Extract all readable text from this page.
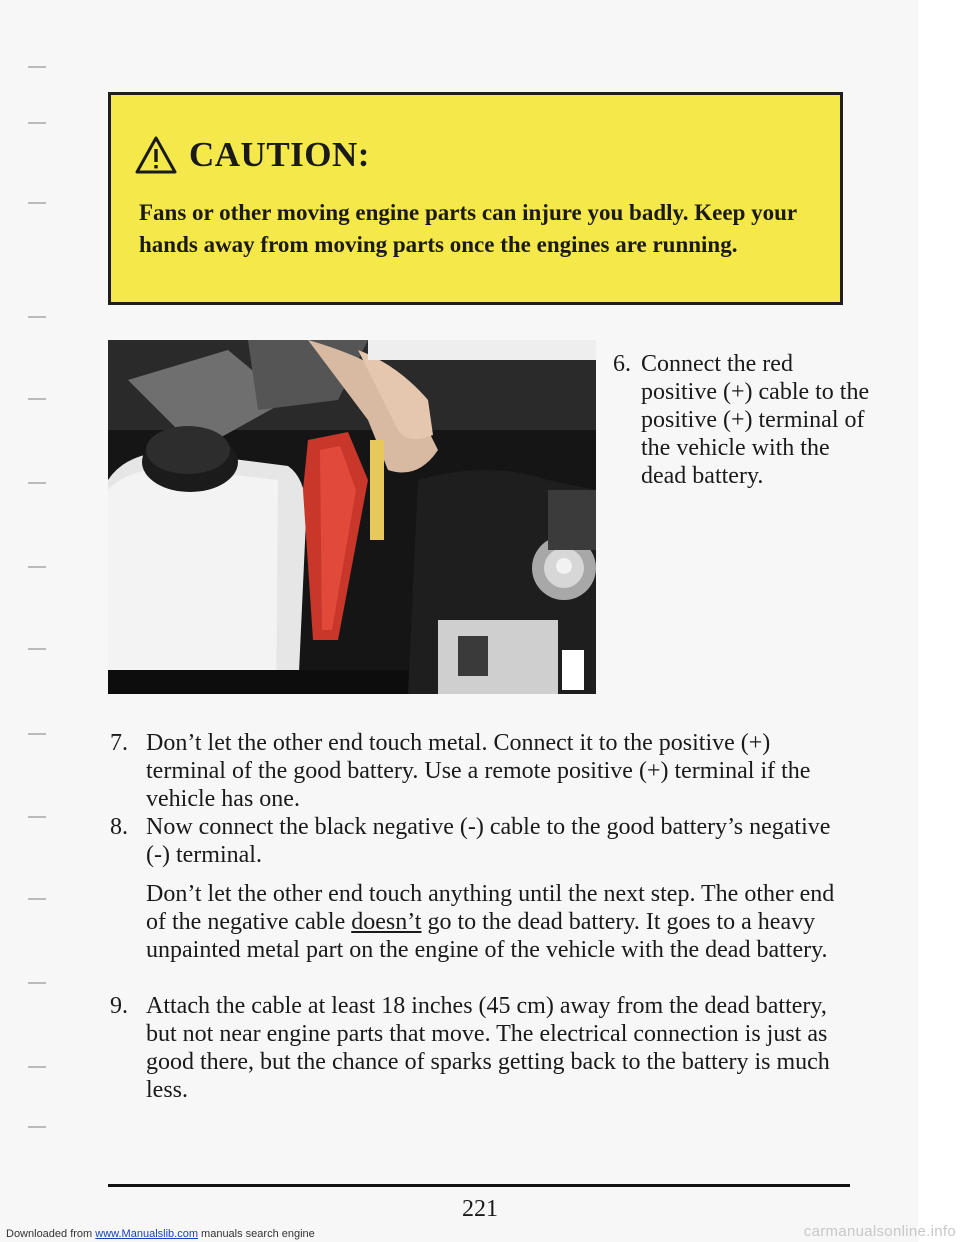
CAUTION:
Fans or other moving engine parts can injure you badly. Keep your hands away from moving parts once the engines are running.
6. Connect the red positive (+) cable to the positive (+) terminal of the vehicle with the dead battery.
7. Don’t let the other end touch metal. Connect it to the positive (+) terminal of the good battery. Use a remote positive (+) terminal if the vehicle has one.
8. Now connect the black negative (-) cable to the good battery’s negative (-) terminal.
Don’t let the other end touch anything until the next step. The other end of the negative cable doesn’t go to the dead battery. It goes to a heavy unpainted metal part on the engine of the vehicle with the dead battery.
9. Attach the cable at least 18 inches (45 cm) away from the dead battery, but not near engine parts that move. The electrical connection is just as good there, but the chance of sparks getting back to the battery is much less.
221
Downloaded from www.Manualslib.com manuals search engine	carmanualsonline.info
